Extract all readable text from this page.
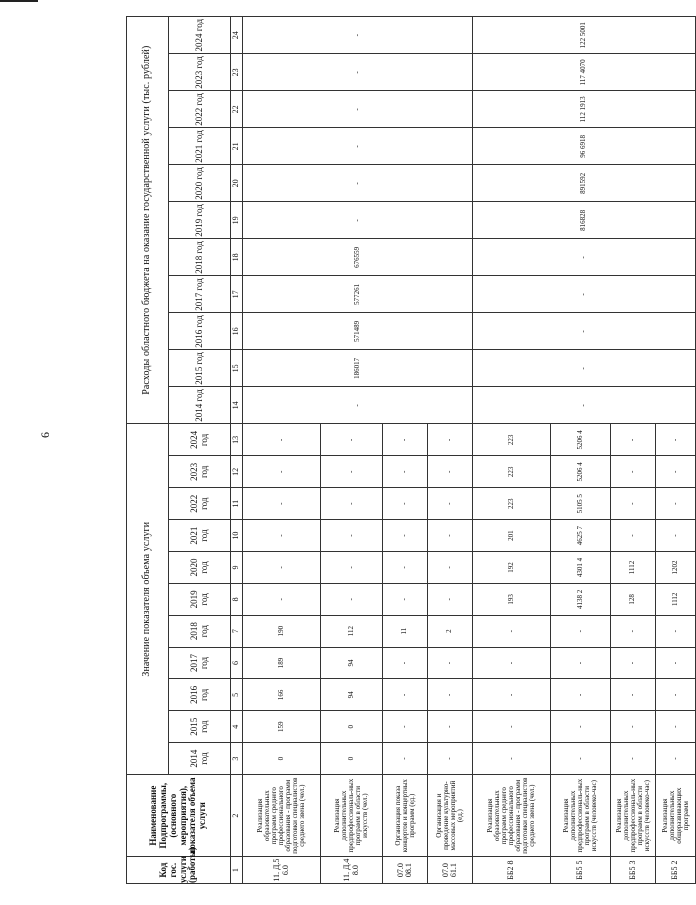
6
Код гос. услуги (работы)	Наименование Подпрограммы, (основного мероприятия), показателя объема услуги	Значение показателя объема услуги											Расходы областного бюджета на оказание государственной услуги (тыс. рублей)										
		2014 год	2015 год	2016 год	2017 год	2018 год	2019 год	2020 год	2021 год	2022 год	2023 год	2024 год	2014 год	2015 год	2016 год	2017 год	2018 год	2019 год	2020 год	2021 год	2022 год	2023 год	2024 год
1	2	3	4	5	6	7	8	9	10	11	12	13	14	15	16	17	18	19	20	21	22	23	24
11. Д.5 6.0	Реализация образовательных программ среднего профессионального образования - программ подготовки специалистов среднего звена (чел.)	0	159	166	189	190	-	-	-	-	-	-	-	186017	571489	577261	676559	-	-	-	-	-	-
11. Д.4 8.0	Реализация дополнительных предпрофессиональ-ных программ в области искусств (чел.)	0	0	94	94	112	-	-	-	-	-	-											
07.0 08.1	Организация показа концертов и концертных программ (ед.)	-	-	-	-	11	-	-	-	-	-	-											
07.0 61.1	Организация и проведение культурно-массовых мероприятий (ед.)	-	-	-	-	2	-	-	-	-	-	-											
ББ2 8	Реализация образовательных программ среднего профессионального образования - программ подготовки специалистов среднего звена (чел.)	-	-	-	-	-	193	192	201	223	223	223	-	-	-	-	-	816828	891592	96 6918	112 1913	117 4070	122 5001
ББ5 5	Реализация дополнительных предпрофессиональ-ных программ в области искусств (человеко-час)	-	-	-	-	-	4138 2	4301 4	4625 7	5105 5	5206 4	5206 4											
ББ5 3	Реализация дополнительных предпрофессиональ-ных программ в области искусств (человеко-час)	-	-	-	-	-	128	1112	-	-	-	-											
ББ5 2	Реализация дополнительных общеразвивающих программ	-	-	-	-	-	1112	1202	-	-	-	-											
